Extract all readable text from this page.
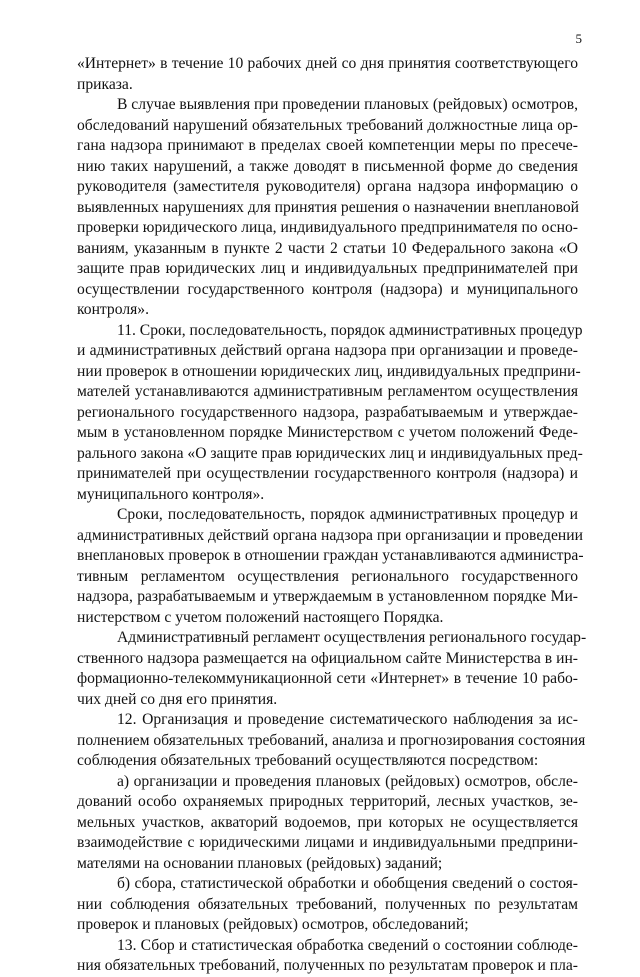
5
«Интернет» в течение 10 рабочих дней со дня принятия соответствующего
приказа.
В случае выявления при проведении плановых (рейдовых) осмотров,
обследований нарушений обязательных требований должностные лица ор-
гана надзора принимают в пределах своей компетенции меры по пресече-
нию таких нарушений, а также доводят в письменной форме до сведения
руководителя (заместителя руководителя) органа надзора информацию о
выявленных нарушениях для принятия решения о назначении внеплановой
проверки юридического лица, индивидуального предпринимателя по осно-
ваниям, указанным в пункте 2 части 2 статьи 10 Федерального закона «О
защите прав юридических лиц и индивидуальных предпринимателей при
осуществлении государственного контроля (надзора) и муниципального
контроля».
11. Сроки, последовательность, порядок административных процедур
и административных действий органа надзора при организации и проведе-
нии проверок в отношении юридических лиц, индивидуальных предприни-
мателей устанавливаются административным регламентом осуществления
регионального государственного надзора, разрабатываемым и утверждае-
мым в установленном порядке Министерством с учетом положений Феде-
рального закона «О защите прав юридических лиц и индивидуальных пред-
принимателей при осуществлении государственного контроля (надзора) и
муниципального контроля».
Сроки, последовательность, порядок административных процедур и
административных действий органа надзора при организации и проведении
внеплановых проверок в отношении граждан устанавливаются администра-
тивным регламентом осуществления регионального государственного
надзора, разрабатываемым и утверждаемым в установленном порядке Ми-
нистерством с учетом положений настоящего Порядка.
Административный регламент осуществления регионального государ-
ственного надзора размещается на официальном сайте Министерства в ин-
формационно-телекоммуникационной сети «Интернет» в течение 10 рабо-
чих дней со дня его принятия.
12. Организация и проведение систематического наблюдения за ис-
полнением обязательных требований, анализа и прогнозирования состояния
соблюдения обязательных требований осуществляются посредством:
а) организации и проведения плановых (рейдовых) осмотров, обсле-
дований особо охраняемых природных территорий, лесных участков, зе-
мельных участков, акваторий водоемов, при которых не осуществляется
взаимодействие с юридическими лицами и индивидуальными предприни-
мателями на основании плановых (рейдовых) заданий;
б) сбора, статистической обработки и обобщения сведений о состоя-
нии соблюдения обязательных требований, полученных по результатам
проверок и плановых (рейдовых) осмотров, обследований;
13. Сбор и статистическая обработка сведений о состоянии соблюде-
ния обязательных требований, полученных по результатам проверок и пла-
